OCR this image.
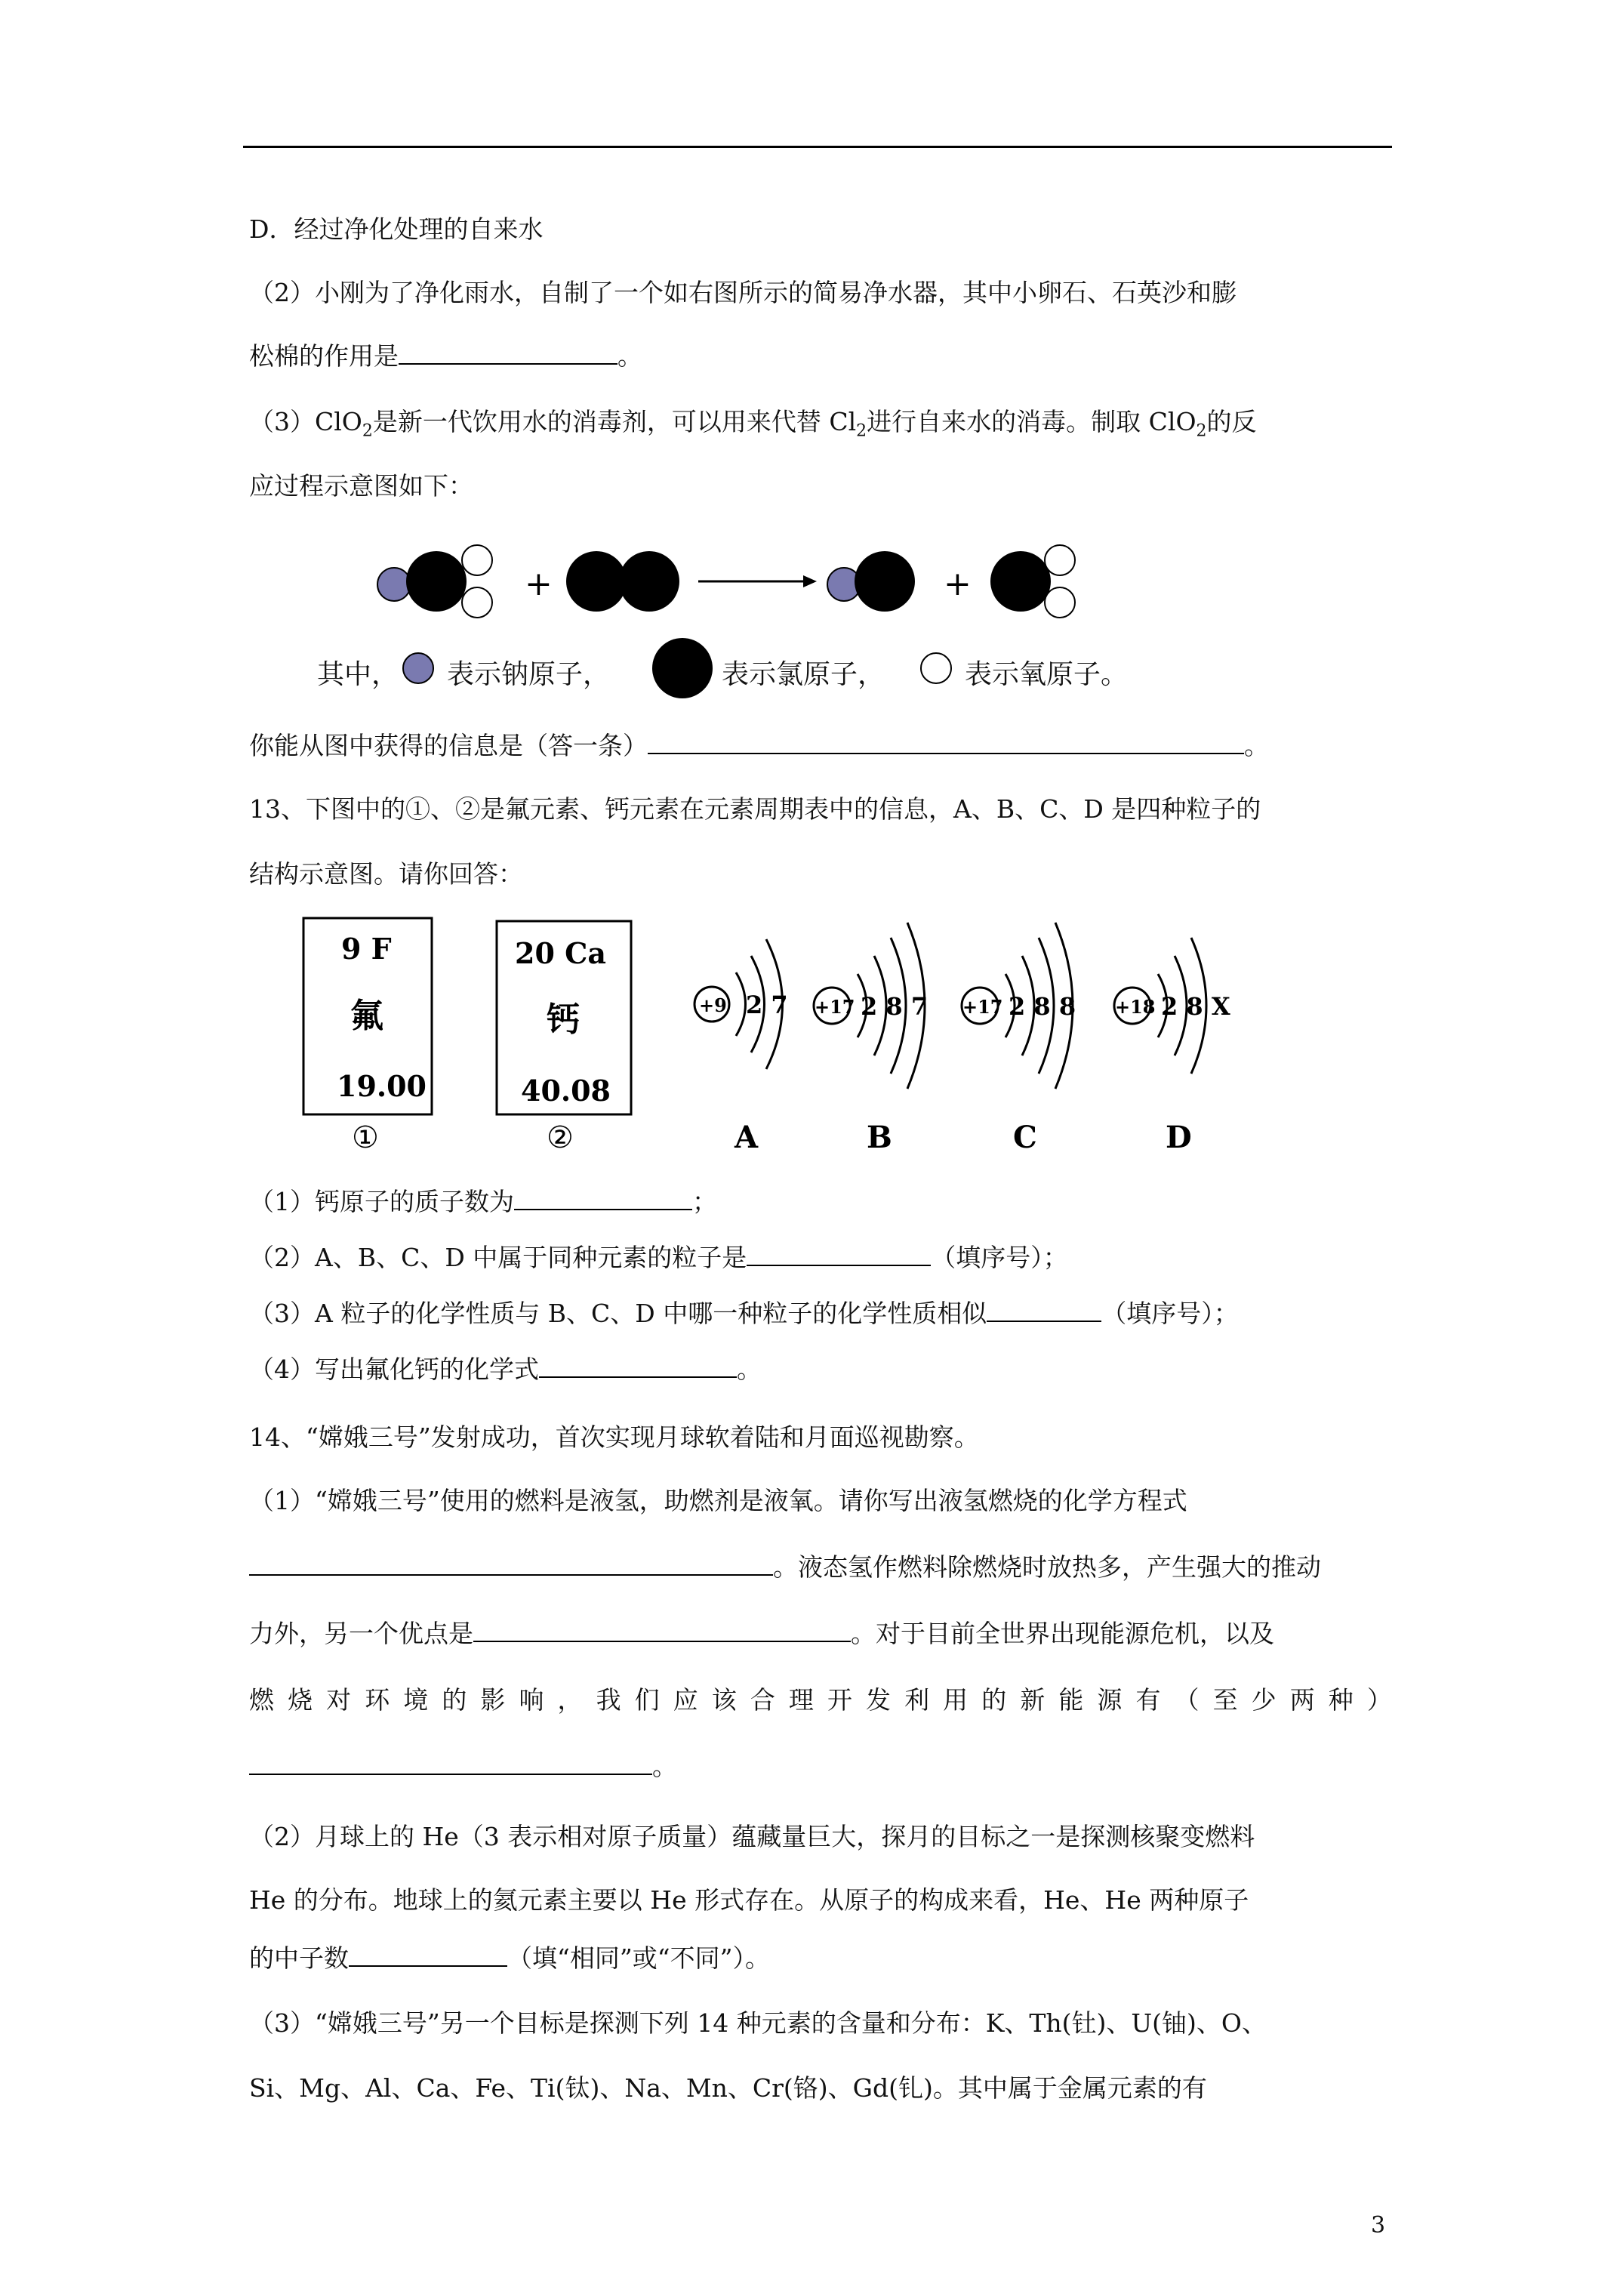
D．经过净化处理的自来水
（2）小刚为了净化雨水，自制了一个如右图所示的简易净水器，其中小卵石、石英沙和膨
松棉的作用是	。
（3）ClO$_2$是新一代饮用水的消毒剂，可以用来代替 $Cl_2$进行自来水的消毒。制取 ClO$_2$的反
应过程示意图如下：
+	+
其中， 表示钠原子，	表示氯原子，	表示氧原子。
你能从图中获得的信息是（答一条）	。
13、下图中的①、②是氟元素、钙元素在元素周期表中的信息，A、B、C、D 是四种粒子的
结构示意图。请你回答：
9 F
氟
19.00
①
20 Ca
钙
40.08
②
+9 2 7
A
+17 2 8 7
B
+17 2 8 8
C
+18 2 8 X
D
（1）钙原子的质子数为	；
（2）A、B、C、D 中属于同种元素的粒子是	（填序号）；
（3）A 粒子的化学性质与 B、C、D 中哪一种粒子的化学性质相似	（填序号）；
（4）写出氟化钙的化学式	。
14、“嫦娥三号”发射成功，首次实现月球软着陆和月面巡视勘察。
（1）“嫦娥三号”使用的燃料是液氢，助燃剂是液氧。请你写出液氢燃烧的化学方程式
。液态氢作燃料除燃烧时放热多，产生强大的推动
力外，另一个优点是	。对于目前全世界出现能源危机，以及
燃 烧 对 环 境 的 影 响 ， 我 们 应 该 合 理 开 发 利 用 的 新 能 源 有 （ 至 少 两 种 ）
。
（2）月球上的 He（3 表示相对原子质量）蕴藏量巨大，探月的目标之一是探测核聚变燃料
He 的分布。地球上的氦元素主要以 He 形式存在。从原子的构成来看，He、He 两种原子
的中子数	（填“相同”或“不同”）。
（3）“嫦娥三号”另一个目标是探测下列 14 种元素的含量和分布：K、Th(钍)、U(铀)、O、
Si、Mg、Al、Ca、Fe、Ti(钛)、Na、Mn、Cr(铬)、Gd(钆)。其中属于金属元素的有
3
